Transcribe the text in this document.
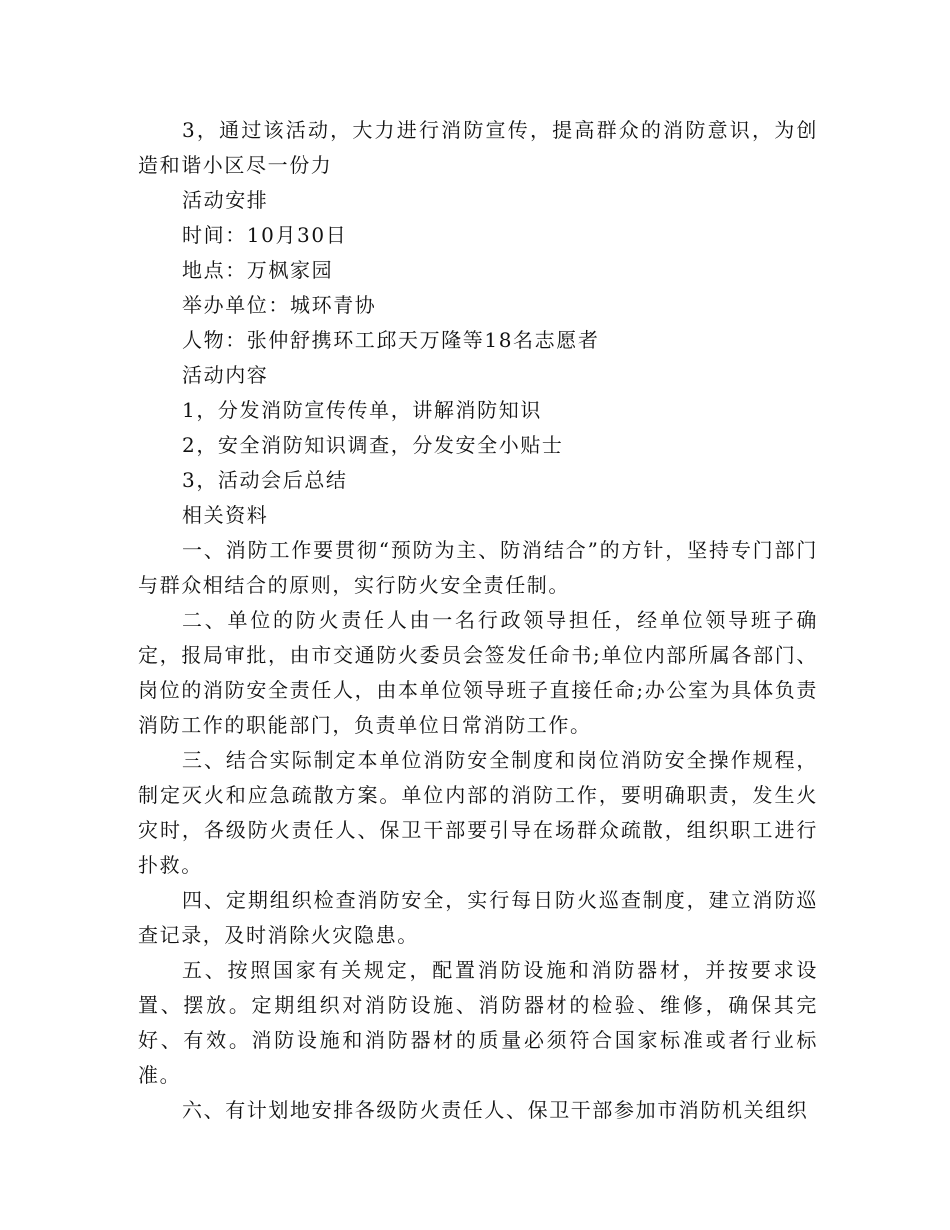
3，通过该活动，大力进行消防宣传，提高群众的消防意识，为创造和谐小区尽一份力

活动安排

时间：10月30日

地点：万枫家园

举办单位：城环青协

人物：张仲舒携环工邱天万隆等18名志愿者

活动内容

1，分发消防宣传传单，讲解消防知识

2，安全消防知识调查，分发安全小贴士

3，活动会后总结

相关资料

一、消防工作要贯彻“预防为主、防消结合”的方针，坚持专门部门与群众相结合的原则，实行防火安全责任制。

二、单位的防火责任人由一名行政领导担任，经单位领导班子确定，报局审批，由市交通防火委员会签发任命书;单位内部所属各部门、岗位的消防安全责任人，由本单位领导班子直接任命;办公室为具体负责消防工作的职能部门，负责单位日常消防工作。

三、结合实际制定本单位消防安全制度和岗位消防安全操作规程，制定灭火和应急疏散方案。单位内部的消防工作，要明确职责，发生火灾时，各级防火责任人、保卫干部要引导在场群众疏散，组织职工进行扑救。

四、定期组织检查消防安全，实行每日防火巡查制度，建立消防巡查记录，及时消除火灾隐患。

五、按照国家有关规定，配置消防设施和消防器材，并按要求设置、摆放。定期组织对消防设施、消防器材的检验、维修，确保其完好、有效。消防设施和消防器材的质量必须符合国家标准或者行业标准。

六、有计划地安排各级防火责任人、保卫干部参加市消防机关组织
